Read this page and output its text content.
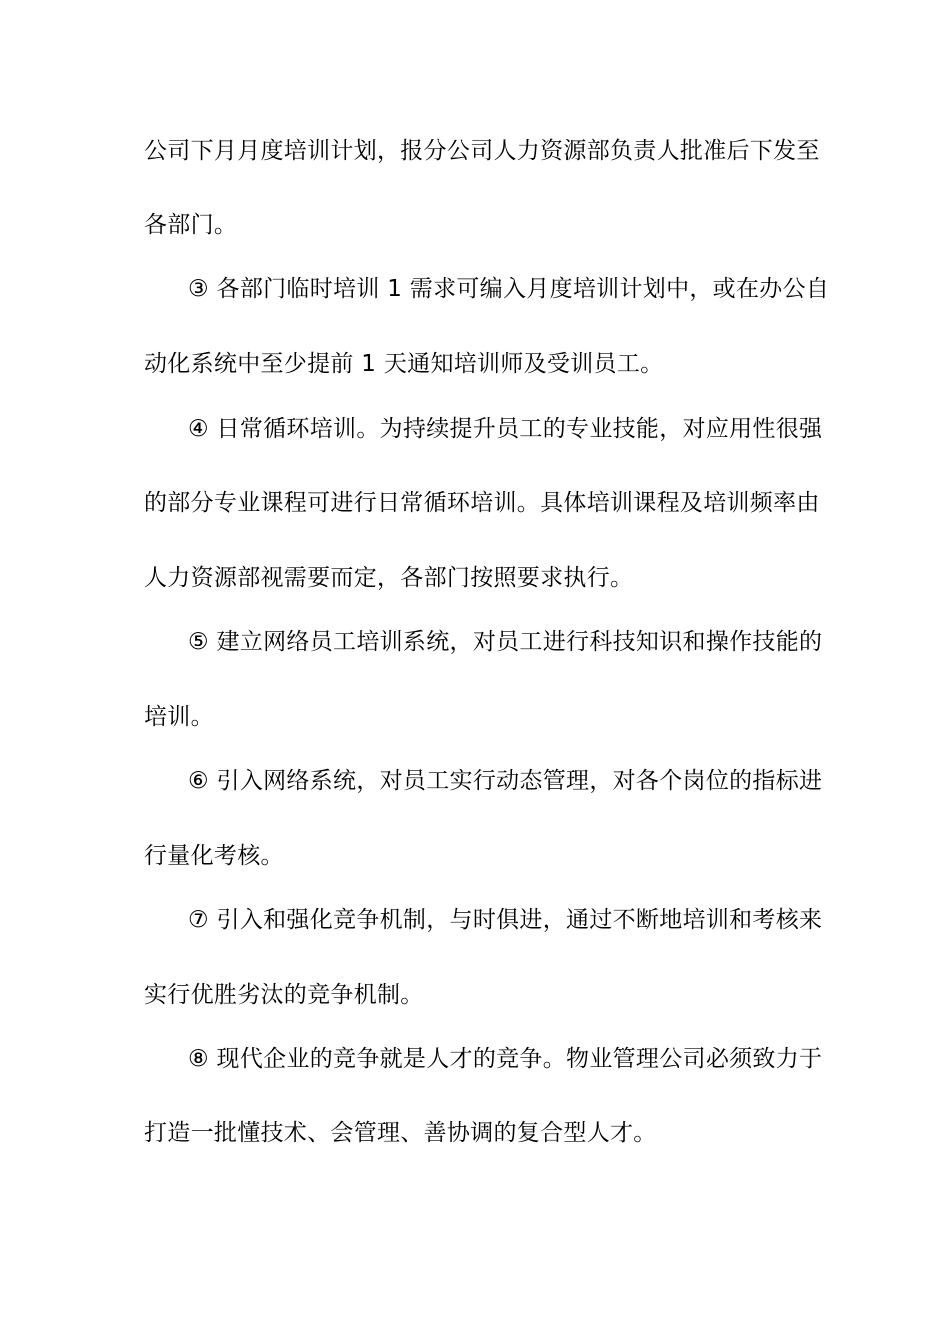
公司下月月度培训计划，报分公司人力资源部负责人批准后下发至
各部门。
③ 各部门临时培训 1 需求可编入月度培训计划中，或在办公自
动化系统中至少提前 1 天通知培训师及受训员工。
④ 日常循环培训。为持续提升员工的专业技能，对应用性很强
的部分专业课程可进行日常循环培训。具体培训课程及培训频率由
人力资源部视需要而定，各部门按照要求执行。
⑤ 建立网络员工培训系统，对员工进行科技知识和操作技能的
培训。
⑥ 引入网络系统，对员工实行动态管理，对各个岗位的指标进
行量化考核。
⑦ 引入和强化竞争机制，与时俱进，通过不断地培训和考核来
实行优胜劣汰的竞争机制。
⑧ 现代企业的竞争就是人才的竞争。物业管理公司必须致力于
打造一批懂技术、会管理、善协调的复合型人才。
